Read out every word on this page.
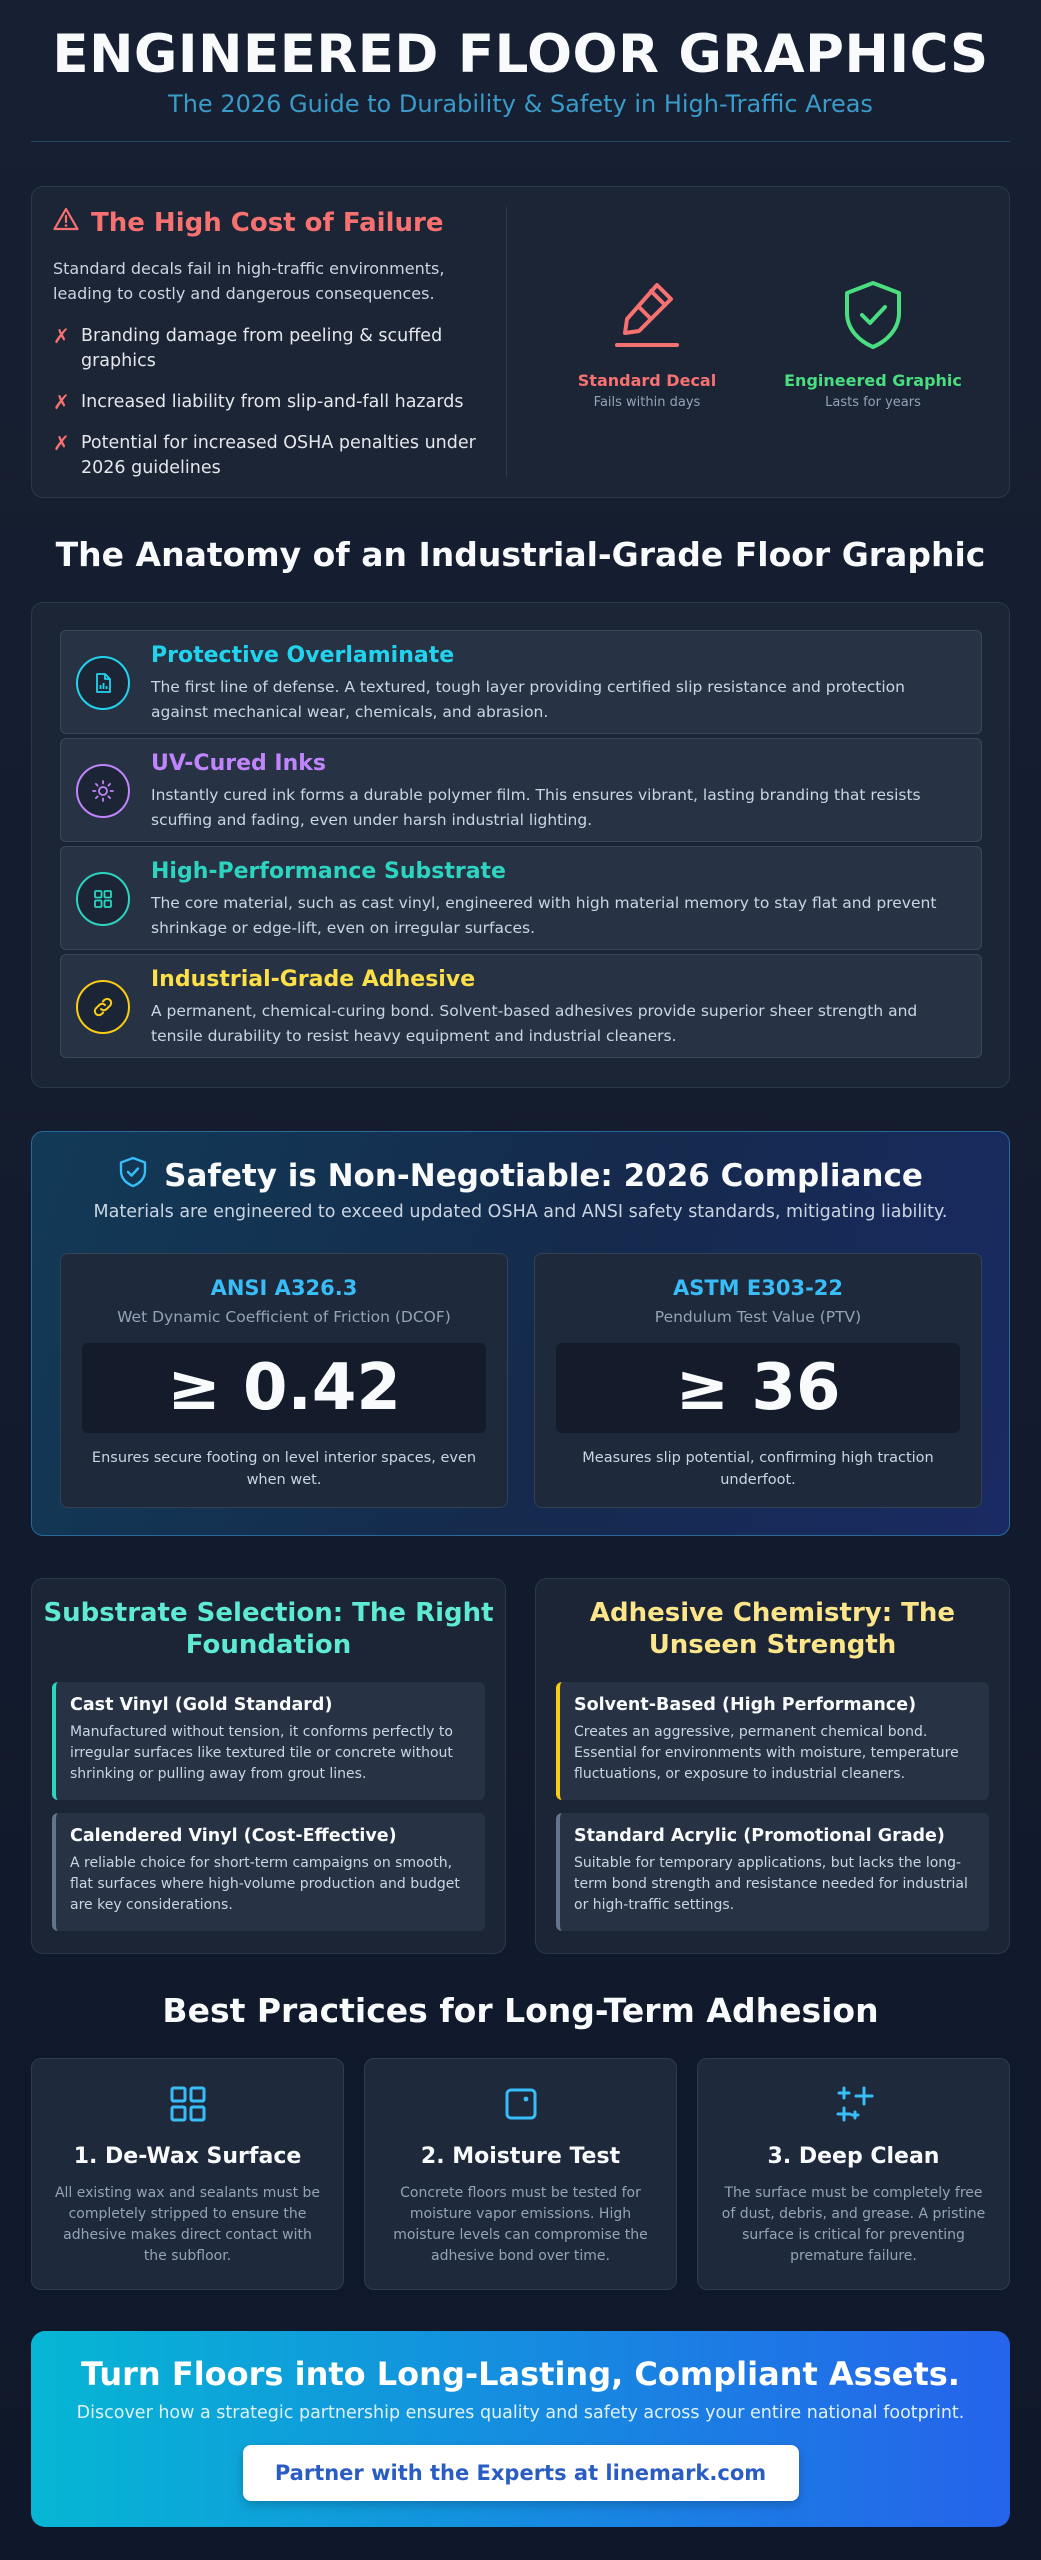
ENGINEERED FLOOR GRAPHICS
The 2026 Guide to Durability & Safety in High-Traffic Areas
The High Cost of Failure
Standard decals fail in high-traffic environments, leading to costly and dangerous consequences.
✗ Branding damage from peeling & scuffed graphics
✗ Increased liability from slip-and-fall hazards
✗ Potential for increased OSHA penalties under 2026 guidelines
Standard Decal
Fails within days
Engineered Graphic
Lasts for years
The Anatomy of an Industrial-Grade Floor Graphic
Protective Overlaminate
The first line of defense. A textured, tough layer providing certified slip resistance and protection against mechanical wear, chemicals, and abrasion.
UV-Cured Inks
Instantly cured ink forms a durable polymer film. This ensures vibrant, lasting branding that resists scuffing and fading, even under harsh industrial lighting.
High-Performance Substrate
The core material, such as cast vinyl, engineered with high material memory to stay flat and prevent shrinkage or edge-lift, even on irregular surfaces.
Industrial-Grade Adhesive
A permanent, chemical-curing bond. Solvent-based adhesives provide superior sheer strength and tensile durability to resist heavy equipment and industrial cleaners.
Safety is Non-Negotiable: 2026 Compliance
Materials are engineered to exceed updated OSHA and ANSI safety standards, mitigating liability.
ANSI A326.3
Wet Dynamic Coefficient of Friction (DCOF)
≥ 0.42
Ensures secure footing on level interior spaces, even when wet.
ASTM E303-22
Pendulum Test Value (PTV)
≥ 36
Measures slip potential, confirming high traction underfoot.
Substrate Selection: The Right Foundation
Cast Vinyl (Gold Standard)
Manufactured without tension, it conforms perfectly to irregular surfaces like textured tile or concrete without shrinking or pulling away from grout lines.
Calendered Vinyl (Cost-Effective)
A reliable choice for short-term campaigns on smooth, flat surfaces where high-volume production and budget are key considerations.
Adhesive Chemistry: The Unseen Strength
Solvent-Based (High Performance)
Creates an aggressive, permanent chemical bond. Essential for environments with moisture, temperature fluctuations, or exposure to industrial cleaners.
Standard Acrylic (Promotional Grade)
Suitable for temporary applications, but lacks the long-term bond strength and resistance needed for industrial or high-traffic settings.
Best Practices for Long-Term Adhesion
1. De-Wax Surface
All existing wax and sealants must be completely stripped to ensure the adhesive makes direct contact with the subfloor.
2. Moisture Test
Concrete floors must be tested for moisture vapor emissions. High moisture levels can compromise the adhesive bond over time.
3. Deep Clean
The surface must be completely free of dust, debris, and grease. A pristine surface is critical for preventing premature failure.
Turn Floors into Long-Lasting, Compliant Assets.
Discover how a strategic partnership ensures quality and safety across your entire national footprint.
Partner with the Experts at linemark.com
